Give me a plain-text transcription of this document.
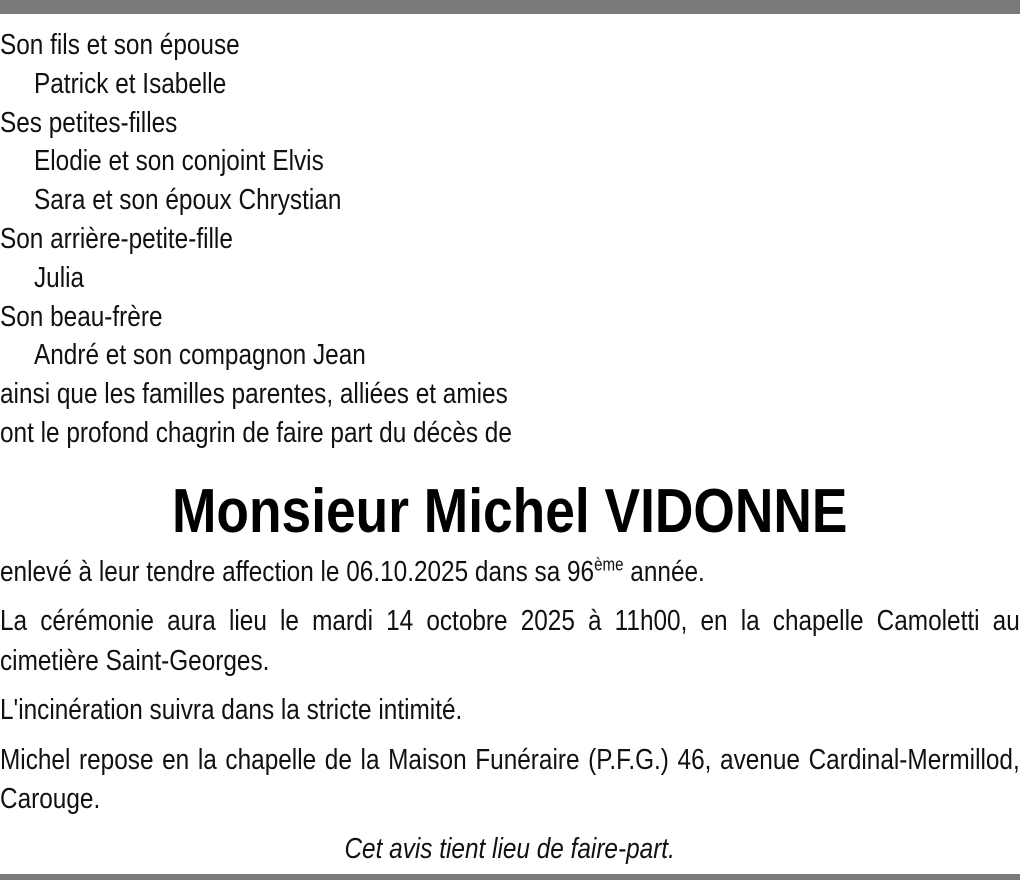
Son fils et son épouse
Patrick et Isabelle
Ses petites-filles
Elodie et son conjoint Elvis
Sara et son époux Chrystian
Son arrière-petite-fille
Julia
Son beau-frère
André et son compagnon Jean
ainsi que les familles parentes, alliées et amies
ont le profond chagrin de faire part du décès de
Monsieur Michel VIDONNE
enlevé à leur tendre affection le 06.10.2025 dans sa 96ème année.
La cérémonie aura lieu le mardi 14 octobre 2025 à 11h00, en la chapelle Camoletti au cimetière Saint-Georges.
L'incinération suivra dans la stricte intimité.
Michel repose en la chapelle de la Maison Funéraire (P.F.G.) 46, avenue Cardinal-Mermillod, Carouge.
Cet avis tient lieu de faire-part.
